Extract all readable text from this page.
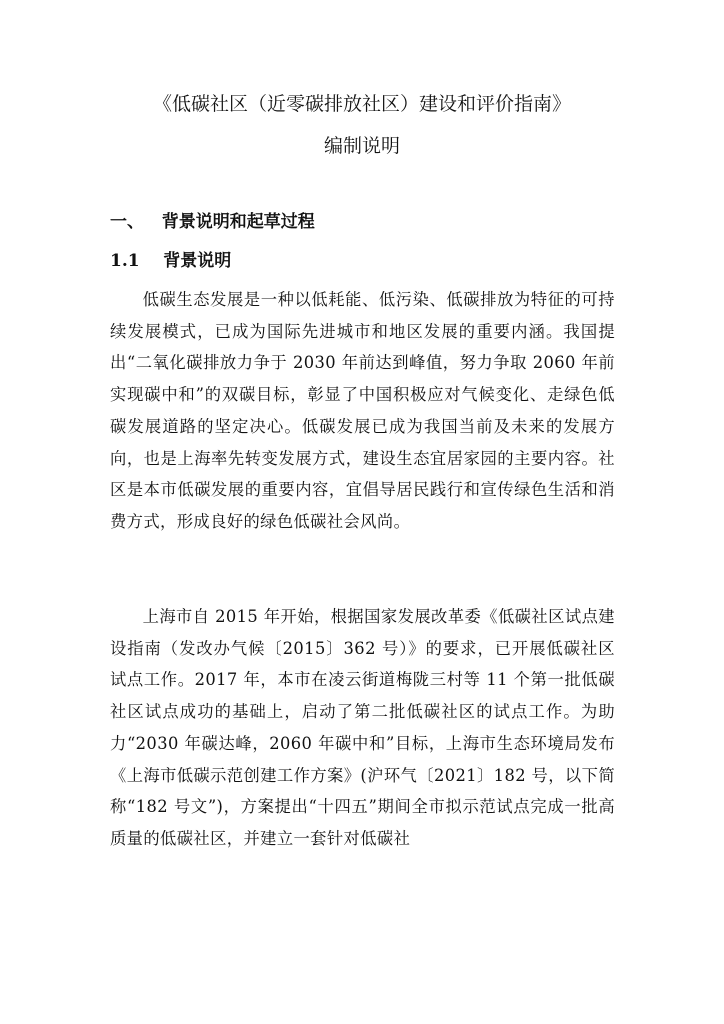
《低碳社区（近零碳排放社区）建设和评价指南》
编制说明
一、 背景说明和起草过程
1.1 背景说明

低碳生态发展是一种以低耗能、低污染、低碳排放为特征的可持续发展模式，已成为国际先进城市和地区发展的重要内涵。我国提出“二氧化碳排放力争于 2030 年前达到峰值，努力争取 2060 年前实现碳中和”的双碳目标，彰显了中国积极应对气候变化、走绿色低碳发展道路的坚定决心。低碳发展已成为我国当前及未来的发展方向，也是上海率先转变发展方式，建设生态宜居家园的主要内容。社区是本市低碳发展的重要内容，宜倡导居民践行和宣传绿色生活和消费方式，形成良好的绿色低碳社会风尚。

上海市自 2015 年开始，根据国家发展改革委《低碳社区试点建设指南（发改办气候〔2015〕362 号）》的要求，已开展低碳社区试点工作。2017 年，本市在凌云街道梅陇三村等 11 个第一批低碳社区试点成功的基础上，启动了第二批低碳社区的试点工作。为助力“2030 年碳达峰，2060 年碳中和”目标，上海市生态环境局发布《上海市低碳示范创建工作方案》(沪环气〔2021〕182 号，以下简称“182 号文”)，方案提出“十四五”期间全市拟示范试点完成一批高质量的低碳社区，并建立一套针对低碳社
